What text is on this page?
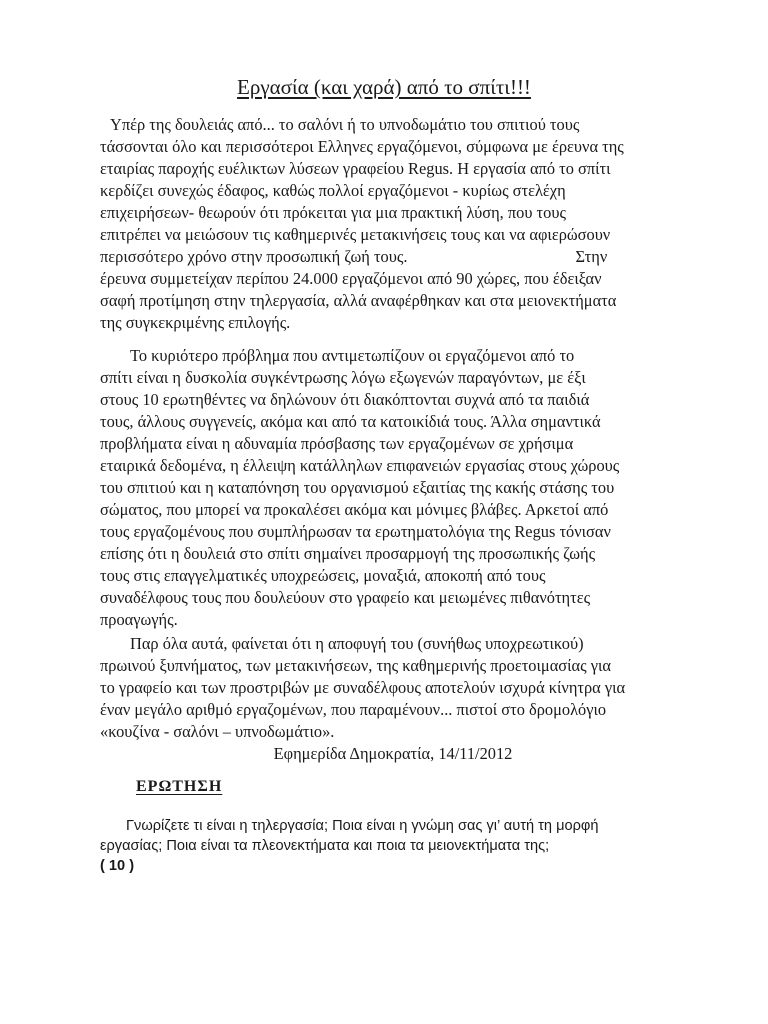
Εργασία (και χαρά) από το σπίτι!!!
Υπέρ της δουλειάς από... το σαλόνι ή το υπνοδωμάτιο του σπιτιού τους
τάσσονται όλο και περισσότεροι Ελληνες εργαζόμενοι, σύμφωνα με έρευνα της
εταιρίας παροχής ευέλικτων λύσεων γραφείου Regus. Η εργασία από το σπίτι
κερδίζει συνεχώς έδαφος, καθώς πολλοί εργαζόμενοι - κυρίως στελέχη
επιχειρήσεων- θεωρούν ότι πρόκειται για μια πρακτική λύση, που τους
επιτρέπει να μειώσουν τις καθημερινές μετακινήσεις τους και να αφιερώσουν
περισσότερο χρόνο στην προσωπική ζωή τους.	Στην
έρευνα συμμετείχαν περίπου 24.000 εργαζόμενοι από 90 χώρες, που έδειξαν
σαφή προτίμηση στην τηλεργασία, αλλά αναφέρθηκαν και στα μειονεκτήματα
της συγκεκριμένης επιλογής.
Το κυριότερο πρόβλημα που αντιμετωπίζουν οι εργαζόμενοι από το
σπίτι είναι η δυσκολία συγκέντρωσης λόγω εξωγενών παραγόντων, με έξι
στους 10 ερωτηθέντες να δηλώνουν ότι διακόπτονται συχνά από τα παιδιά
τους, άλλους συγγενείς, ακόμα και από τα κατοικίδιά τους. Άλλα σημαντικά
προβλήματα είναι η αδυναμία πρόσβασης των εργαζομένων σε χρήσιμα
εταιρικά δεδομένα, η έλλειψη κατάλληλων επιφανειών εργασίας στους χώρους
του σπιτιού και η καταπόνηση του οργανισμού εξαιτίας της κακής στάσης του
σώματος, που μπορεί να προκαλέσει ακόμα και μόνιμες βλάβες. Αρκετοί από
τους εργαζομένους που συμπλήρωσαν τα ερωτηματολόγια της Regus τόνισαν
επίσης ότι η δουλειά στο σπίτι σημαίνει προσαρμογή της προσωπικής ζωής
τους στις επαγγελματικές υποχρεώσεις, μοναξιά, αποκοπή από τους
συναδέλφους τους που δουλεύουν στο γραφείο και μειωμένες πιθανότητες
προαγωγής.
Παρ όλα αυτά, φαίνεται ότι η αποφυγή του (συνήθως υποχρεωτικού)
πρωινού ξυπνήματος, των μετακινήσεων, της καθημερινής προετοιμασίας για
το γραφείο και των προστριβών με συναδέλφους αποτελούν ισχυρά κίνητρα για
έναν μεγάλο αριθμό εργαζομένων, που παραμένουν... πιστοί στο δρομολόγιο
«κουζίνα - σαλόνι – υπνοδωμάτιο».
Εφημερίδα Δημοκρατία, 14/11/2012
ΕΡΩΤΗΣΗ
Γνωρίζετε τι είναι η τηλεργασία; Ποια είναι η γνώμη σας γι’ αυτή τη μορφή
εργασίας; Ποια είναι τα πλεονεκτήματα και ποια τα μειονεκτήματα της;
( 10 )
